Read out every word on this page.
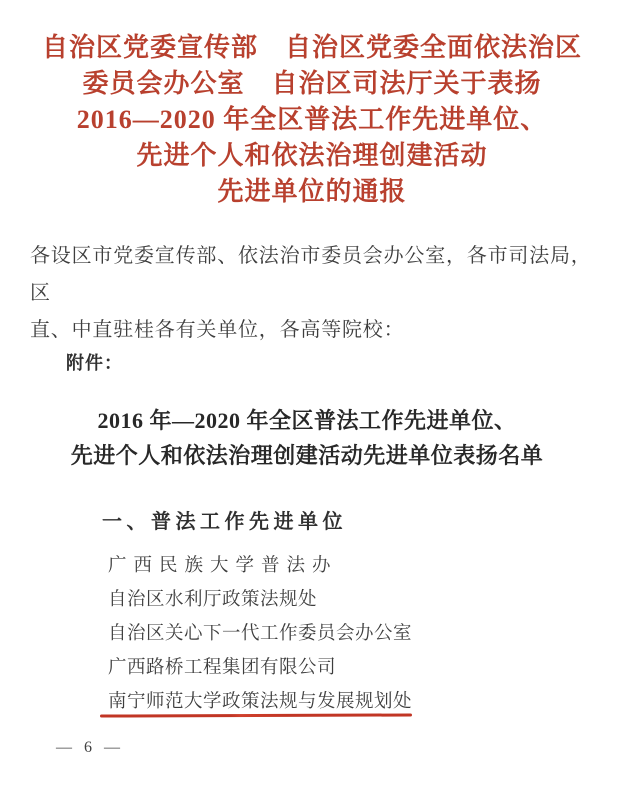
自治区党委宣传部　自治区党委全面依法治区
委员会办公室　自治区司法厅关于表扬
2016—2020 年全区普法工作先进单位、
先进个人和依法治理创建活动
先进单位的通报
各设区市党委宣传部、依法治市委员会办公室，各市司法局，区
直、中直驻桂各有关单位，各高等院校：
附件：
2016 年—2020 年全区普法工作先进单位、
先进个人和依法治理创建活动先进单位表扬名单
一、普法工作先进单位
广西民族大学普法办
自治区水利厅政策法规处
自治区关心下一代工作委员会办公室
广西路桥工程集团有限公司
南宁师范大学政策法规与发展规划处
— 6 —
